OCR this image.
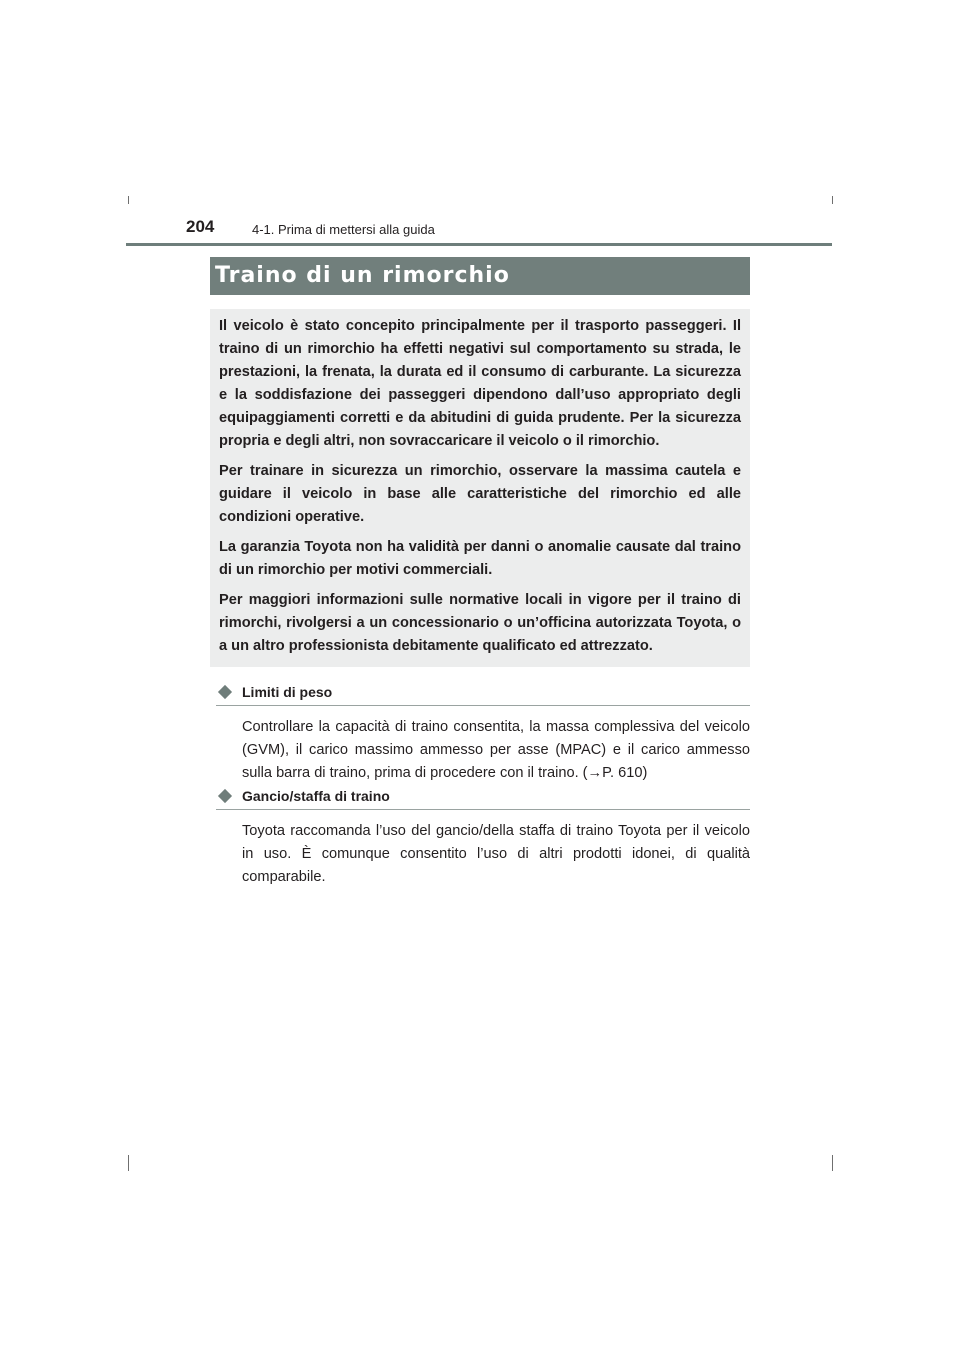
204	4-1. Prima di mettersi alla guida
Traino di un rimorchio

Il veicolo è stato concepito principalmente per il trasporto passeggeri. Il traino di un rimorchio ha effetti negativi sul comportamento su strada, le prestazioni, la frenata, la durata ed il consumo di carburante. La sicurezza e la soddisfazione dei passeggeri dipendono dall’uso appropriato degli equipaggiamenti corretti e da abitudini di guida prudente. Per la sicurezza propria e degli altri, non sovraccaricare il veicolo o il rimorchio.

Per trainare in sicurezza un rimorchio, osservare la massima cautela e guidare il veicolo in base alle caratteristiche del rimorchio ed alle condizioni operative.

La garanzia Toyota non ha validità per danni o anomalie causate dal traino di un rimorchio per motivi commerciali.

Per maggiori informazioni sulle normative locali in vigore per il traino di rimorchi, rivolgersi a un concessionario o un’officina autorizzata Toyota, o a un altro professionista debitamente qualificato ed attrezzato.

Limiti di peso
Controllare la capacità di traino consentita, la massa complessiva del veicolo (GVM), il carico massimo ammesso per asse (MPAC) e il carico ammesso sulla barra di traino, prima di procedere con il traino. (→P. 610)
Gancio/staffa di traino
Toyota raccomanda l’uso del gancio/della staffa di traino Toyota per il veicolo in uso. È comunque consentito l’uso di altri prodotti idonei, di qualità comparabile.
